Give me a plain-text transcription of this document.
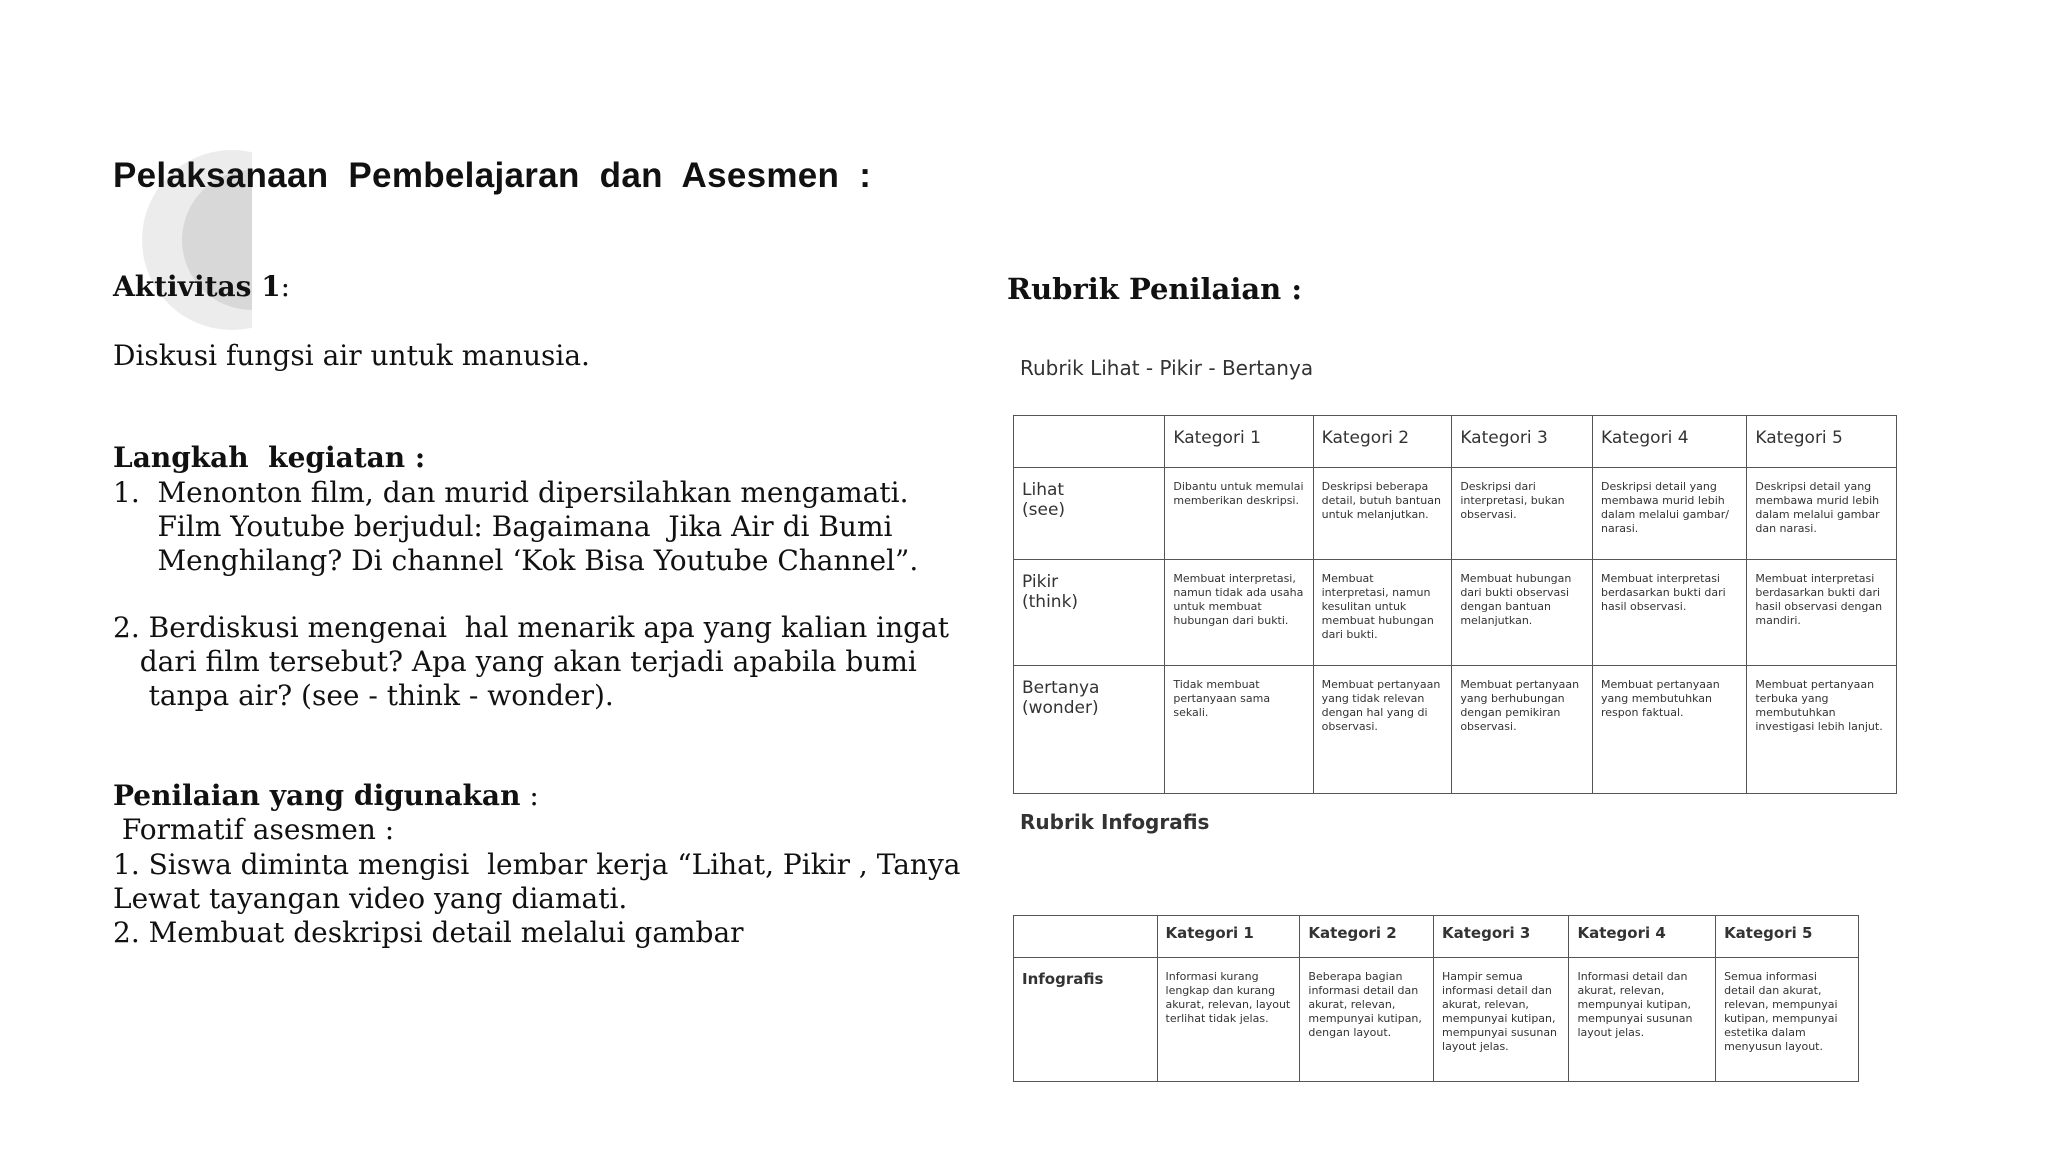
Pelaksanaan Pembelajaran dan Asesmen :
Aktivitas 1:
Diskusi fungsi air untuk manusia.
Langkah  kegiatan :
1.  Menonton film, dan murid dipersilahkan mengamati.
Film Youtube berjudul: Bagaimana  Jika Air di Bumi
Menghilang? Di channel ‘Kok Bisa Youtube Channel”.
2. Berdiskusi mengenai  hal menarik apa yang kalian ingat
dari film tersebut? Apa yang akan terjadi apabila bumi
tanpa air? (see - think - wonder).
Penilaian yang digunakan :
Formatif asesmen :
1. Siswa diminta mengisi  lembar kerja “Lihat, Pikir , Tanya
Lewat tayangan video yang diamati.
2. Membuat deskripsi detail melalui gambar
Rubrik Penilaian :
Rubrik Lihat - Pikir - Bertanya
	Kategori 1	Kategori 2	Kategori 3	Kategori 4	Kategori 5
Lihat
(see)	Dibantu untuk memulai memberikan deskripsi.	Deskripsi beberapa detail, butuh bantuan untuk melanjutkan.	Deskripsi dari interpretasi, bukan observasi.	Deskripsi detail yang membawa murid lebih dalam melalui gambar/ narasi.	Deskripsi detail yang membawa murid lebih dalam melalui gambar dan narasi.
Pikir
(think)	Membuat interpretasi, namun tidak ada usaha untuk membuat hubungan dari bukti.	Membuat interpretasi, namun kesulitan untuk membuat hubungan dari bukti.	Membuat hubungan dari bukti observasi dengan bantuan melanjutkan.	Membuat interpretasi berdasarkan bukti dari hasil observasi.	Membuat interpretasi berdasarkan bukti dari hasil observasi dengan mandiri.
Bertanya
(wonder)	Tidak membuat pertanyaan sama sekali.	Membuat pertanyaan yang tidak relevan dengan hal yang di observasi.	Membuat pertanyaan yang berhubungan dengan pemikiran observasi.	Membuat pertanyaan yang membutuhkan respon faktual.	Membuat pertanyaan terbuka yang membutuhkan investigasi lebih lanjut.
Rubrik Infografis
	Kategori 1	Kategori 2	Kategori 3	Kategori 4	Kategori 5
Infografis	Informasi kurang lengkap dan kurang akurat, relevan, layout terlihat tidak jelas.	Beberapa bagian informasi detail dan akurat, relevan, mempunyai kutipan, dengan layout.	Hampir semua informasi detail dan akurat, relevan, mempunyai kutipan, mempunyai susunan layout jelas.	Informasi detail dan akurat, relevan, mempunyai kutipan, mempunyai susunan layout jelas.	Semua informasi detail dan akurat, relevan, mempunyai kutipan, mempunyai estetika dalam menyusun layout.
